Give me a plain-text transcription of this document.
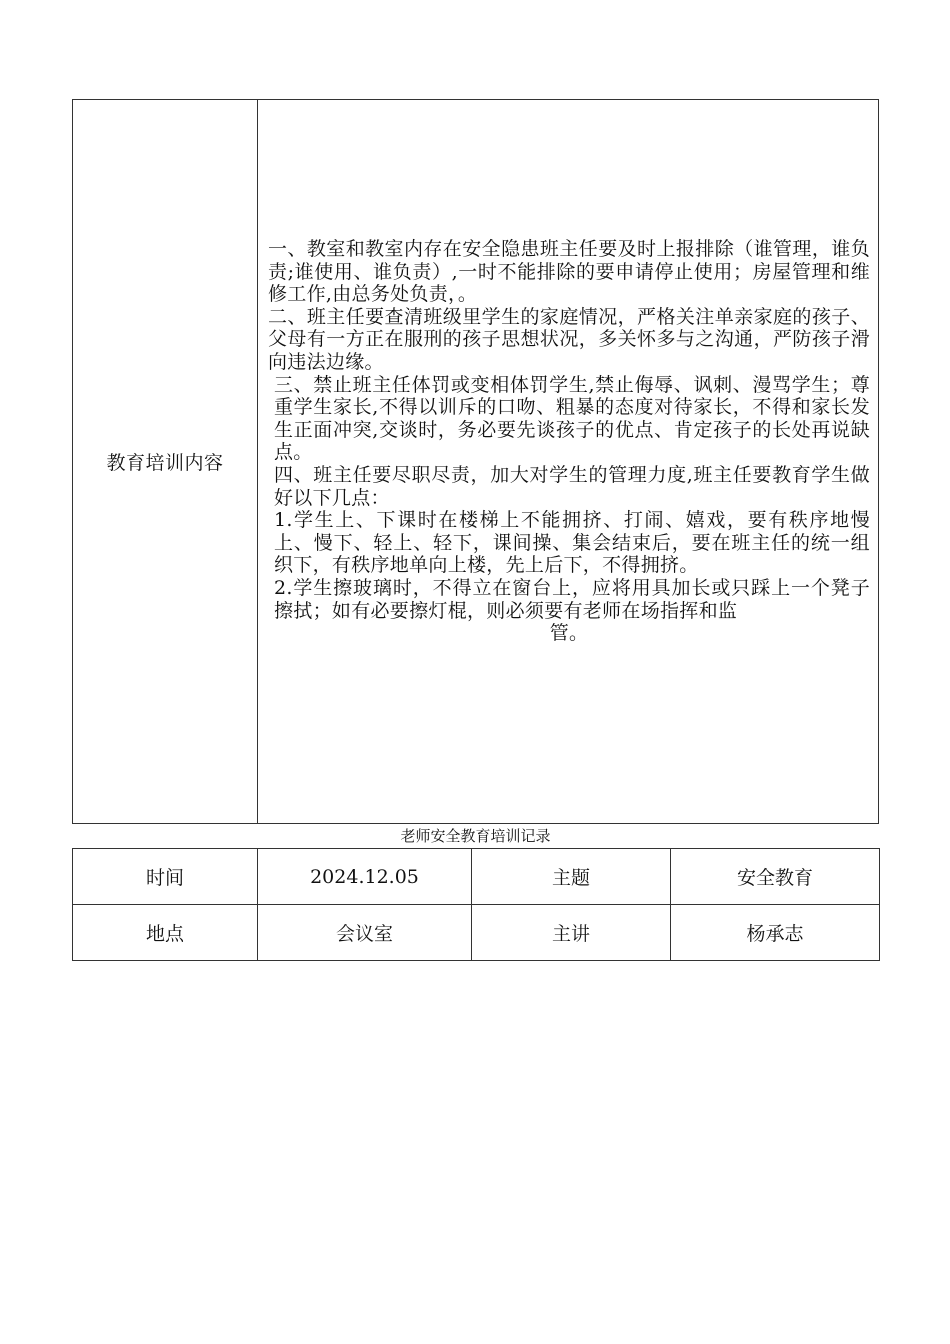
教育培训内容	

一、教室和教室内存在安全隐患班主任要及时上报排除（谁管理，谁负责;谁使用、谁负责）,一时不能排除的要申请停止使用；房屋管理和维修工作,由总务处负责，。

二、班主任要查清班级里学生的家庭情况，严格关注单亲家庭的孩子、父母有一方正在服刑的孩子思想状况，多关怀多与之沟通，严防孩子滑向违法边缘。

三、禁止班主任体罚或变相体罚学生,禁止侮辱、讽刺、漫骂学生；尊重学生家长,不得以训斥的口吻、粗暴的态度对待家长，不得和家长发生正面冲突,交谈时，务必要先谈孩子的优点、肯定孩子的长处再说缺点。

四、班主任要尽职尽责，加大对学生的管理力度,班主任要教育学生做好以下几点：

1.学生上、下课时在楼梯上不能拥挤、打闹、嬉戏，要有秩序地慢上、慢下、轻上、轻下，课间操、集会结束后，要在班主任的统一组织下，有秩序地单向上楼，先上后下，不得拥挤。

2.学生擦玻璃时，不得立在窗台上，应将用具加长或只踩上一个凳子擦拭；如有必要擦灯棍，则必须要有老师在场指挥和监

管。

老师安全教育培训记录
时间	2024.12.05	主题	安全教育
地点	会议室	主讲	杨承志
